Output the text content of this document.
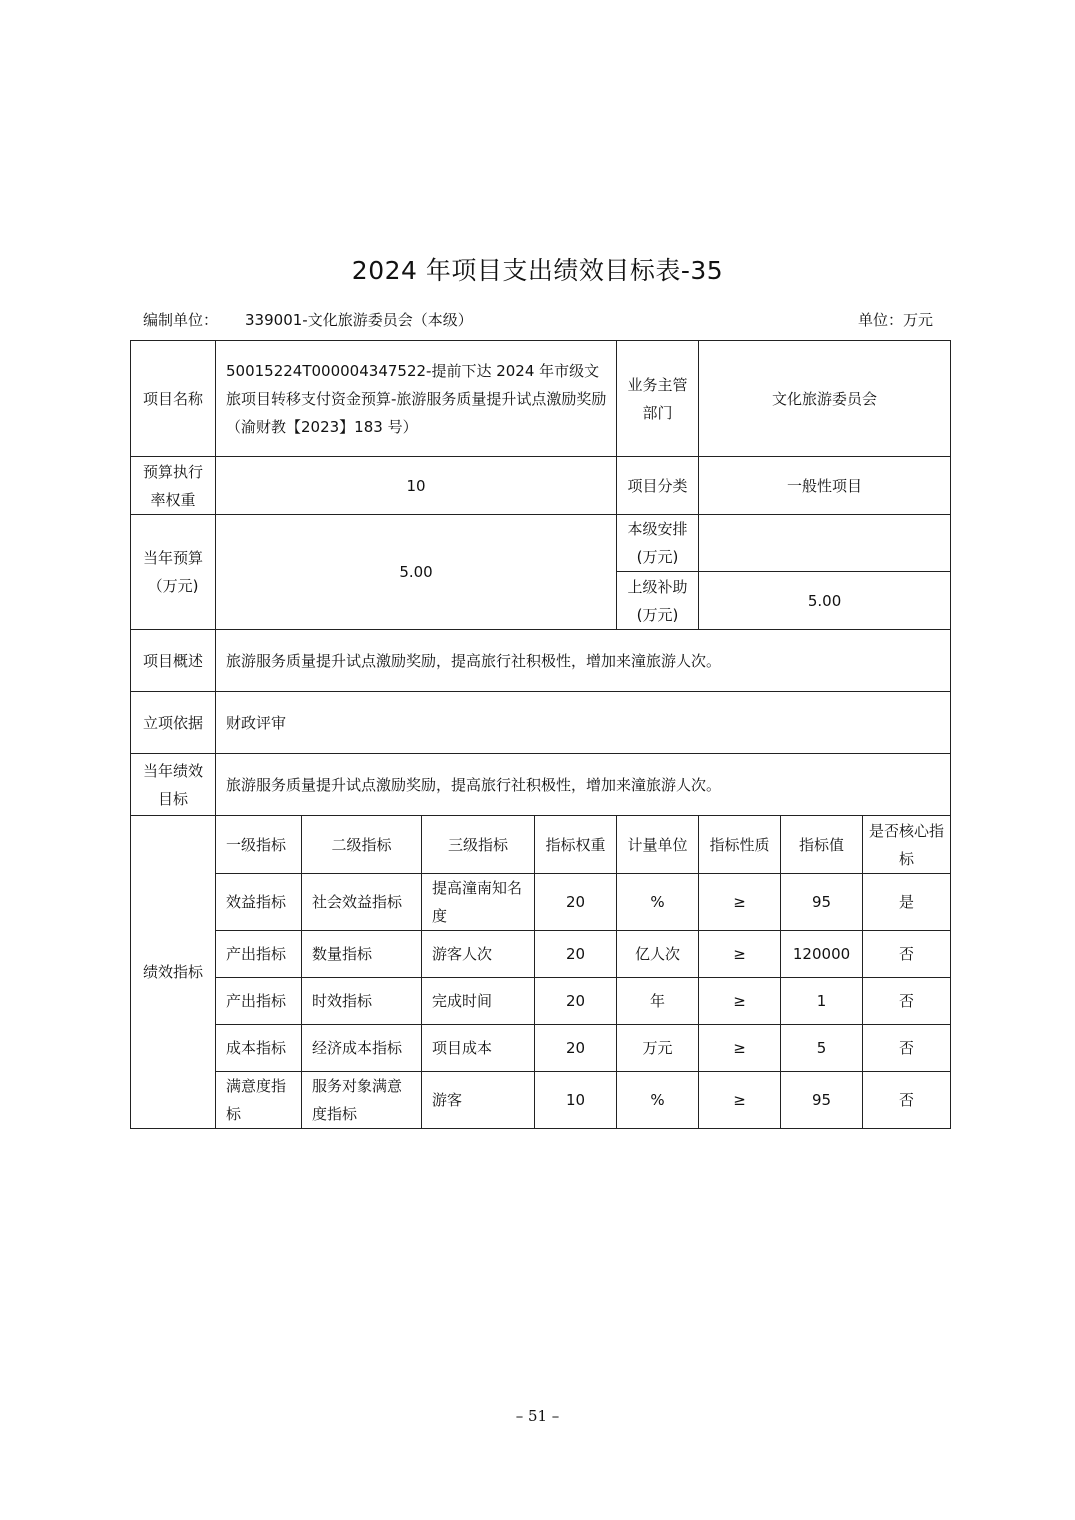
2024 年项目支出绩效目标表-35
编制单位： 339001-文化旅游委员会（本级）	单位：万元
项目名称	50015224T000004347522-提前下达 2024 年市级文旅项目转移支付资金预算-旅游服务质量提升试点激励奖励（渝财教【2023】183 号）				业务主管部门	文化旅游委员会		
预算执行率权重	10				项目分类	一般性项目		
当年预算（万元)	5.00				本级安排(万元)			
					上级补助(万元)	5.00		
项目概述	旅游服务质量提升试点激励奖励，提高旅行社积极性，增加来潼旅游人次。							
立项依据	财政评审							
当年绩效目标	旅游服务质量提升试点激励奖励，提高旅行社积极性，增加来潼旅游人次。							
绩效指标	一级指标	二级指标	三级指标	指标权重	计量单位	指标性质	指标值	是否核心指标
	效益指标	社会效益指标	提高潼南知名度	20	%	≥	95	是
	产出指标	数量指标	游客人次	20	亿人次	≥	120000	否
	产出指标	时效指标	完成时间	20	年	≥	1	否
	成本指标	经济成本指标	项目成本	20	万元	≥	5	否
	满意度指标	服务对象满意度指标	游客	10	%	≥	95	否
– 51 –
